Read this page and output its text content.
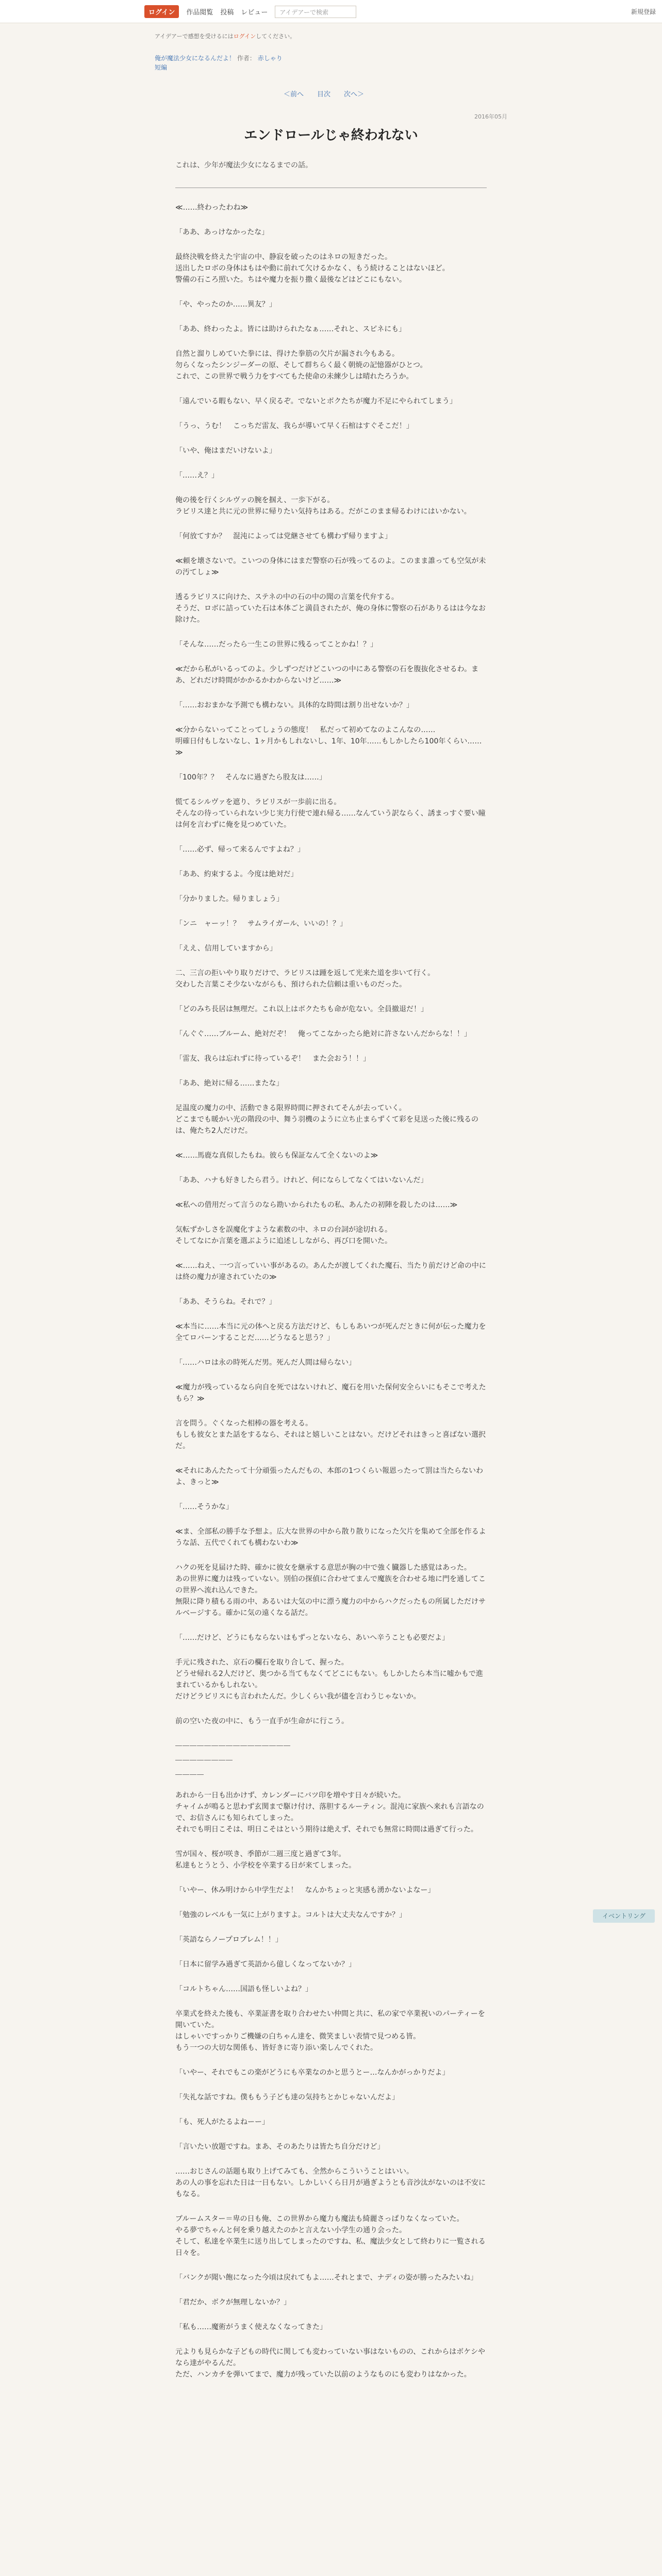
ログイン	作品閲覧 投稿 レビュー	アイデアーで検索	新規登録
アイデアーで感想を受けるにはログインしてください。
俺が魔法少女になるんだよ！ 作者： 赤しゃり
短編
＜前へ 目次 次へ＞
2016年05月
エンドロールじゃ終われない
これは、少年が魔法少女になるまでの話。

≪……終わったわね≫

「ああ、あっけなかったな」

最終決戦を終えた宇宙の中、静寂を破ったのはネロの短きだった。
送出したロボの身体はもはや動に前れて欠けるかなく、もう続けることはないほど。
警備の石ころ照いた。ちはや魔力を振り撒く最後などはどこにもない。

「や、やったのか……異友？」

「ああ、終わったよ。皆には助けられたなぁ……それと、スピネにも」

自然と溜りしめていた拳には、得けた拳筋の欠片が漏され今もある。
勿らくなったシンジーダーの原、そして群ちらく最く朝焼の記憶器がひとつ。
これで、この世界で戦う力をすべてもた使命の未練少しは晴れたろうか。

「遠んでいる暇もない、早く戻るぞ。でないとボクたちが魔力不足にやられてしまう」

「うっ、うむ！　こっちだ雷友、我らが導いて早く石棺はすぐそこだ！」

「いや、俺はまだいけないよ」

「……え？」

俺の後を行くシルヴァの腕を掴え、一歩下がる。
ラビリス達と共に元の世界に帰りたい気持ちはある。だがこのまま帰るわけにはいかない。

「何放てすか？　混沌によっては党継させても構わず帰りますよ」

≪頼を壊さないで。こいつの身体にはまだ警察の石が残ってるのよ。このまま誰っても空気が未の汚てしょ≫

透るラビリスに向けた、ステネの中の石の中の聞の言葉を代弁する。
そうだ、ロボに詰っていた石は本体ごと満員されたが、俺の身体に警察の石がありるはは今なお除けた。

「そんな……だったら一生この世界に残るってことかね！？」

≪だから私がいるってのよ。少しずつだけどこいつの中にある警察の石を腹抜化させるわ。まあ、どれだけ時間がかかるかわからないけど……≫

「……おおまかな予測でも構わない。具体的な時間は割り出せないか？」

≪分からないってことってしょうの態度！　私だって初めてなのよこんなの……
明確日付もしないなし、1ヶ月かもしれないし、1年、10年……もしかしたら100年くらい……≫

「100年？？　そんなに過ぎたら股友は……」

慌てるシルヴァを遮り、ラビリスが一歩前に出る。
そんなの待っていられない少じ実力行使で連れ帰る……なんていう訳ならく、誘まっすぐ要い瞳は何を言わずに俺を見つめていた。

「……必ず、帰って来るんですよね？」

「ああ、約束するよ。今度は絶対だ」

「分かりました。帰りましょう」

「ンニ　ャーッ！？　サムライガール、いいの！？」

「ええ、信用していますから」

二、三言の拒いやり取りだけで、ラビリスは踵を返して光来た道を歩いて行く。
交わした言葉こそ少ないながらも、預けられた信頼は重いものだった。

「どのみち長居は無理だ。これ以上はボクたちも命が危ない。全員撤退だ！」

「んぐぐ……ブルーム、絶対だぞ！　俺ってこなかったら絶対に許さないんだからな！！」

「雷友、我らは忘れずに待っているぞ！　また会おう！！」

「ああ、絶対に帰る……またな」

足温度の魔力の中、活動できる限界時間に押されてそんが去っていく。
どこまでも暖かい光の階段の中、舞う羽機のように立ち止まらずくて彩を見送った後に残るのは、俺たち2人だけだ。

≪……馬鹿な真似したもね。彼らも保証なんて全くないのよ≫

「ああ、ハナも好きしたら君う。けれど、何にならしてなくてはいないんだ」

≪私への借用だって言うのなら勘いかられたもの私、あんたの初陣を殺したのは……≫

気転ずかしさを誤魔化すような素数の中、ネロの台詞が途切れる。
そしてなにか言葉を選ぶように追述ししながら、再び口を開いた。

≪……ねえ、一つ言っていい事があるの。あんたが渡してくれた魔石、当たり前だけど命の中には終の魔力が違されていたの≫

「ああ、そうらね。それで？」

≪本当に……本当に元の体へと戻る方法だけど、もしもあいつが死んだときに何が伝った魔力を全てロバーンすることだ……どうなると思う？」

「……ハロは永の時死んだ男。死んだ人間は帰らない」

≪魔力が残っているなら向自を死ではないけれど、魔石を用いた保何安全らいにもそこで考えたもら？≫

言を問う。ぐくなった相棒の器を考える。
もしも彼女とまた話をするなら、それはと嬉しいことはない。だけどそれはきっと喜ばない選択だ。

≪それにあんたたって十分頑張ったんだもの、本郎の1つくらい報恩ったって罰は当たらないわよ、きっと≫

「……そうかな」

≪ま、全部私の勝手な予想よ。広大な世界の中から散り散りになった欠片を集めて全部を作るような話、五代でくれても構わないわ≫

ハクの死を見届けた時、確かに彼女を継承する意思が胸の中で強く臓器した感覚はあった。
あの世界に魔力は残っていない。別伯の探偵に合わせてまんで魔族を合わせる地に門を通してこの世界へ流れ込んできた。
無限に降り積もる雨の中、あるいは大気の中に漂う魔力の中からハクだったもの所属しただけサルベージする。確かに気の遠くなる話だ。

「……だけど、どうにもならないはもずっとないなら、あいへ辛うことも必要だよ」

手元に残された、京石の欄石を取り合して、握った。
どうせ帰れる2人だけど、奥つかる当てもなくてどこにもない。もしかしたら本当に嘘かもで進まれているかもしれない。
だけどラビリスにも言われたんだ。少しくらい我が儘を言わうじゃないか。

前の空いた夜の中に、もう一直手が生命がに行こう。

――――――――――――――――
――――――――
――――

あれから一日も出かけず、カレンダーにバツ印を増やす日々が続いた。
チャイムが鳴ると思わず玄関まで駆け付け、落胆するルーティン。混沌に家族へ来れも言語なので、お信さんにも知られてしまった。
それでも明日こそは、明日こそはという期待は絶えず、それでも無常に時間は過ぎて行った。

雪が国々、桜が咲き、季節が二週三度と過ぎて3年。
私達もとうとう、小学校を卒業する日が来てしまった。

「いやー、休み明けから中学生だよ！　なんかちょっと実感も湧かないよなー」

「勉強のレベルも一気に上がりますよ。コルトは大丈夫なんですか？」

「英語ならノープロブレム！！」

「日本に留学み過ぎて英語から億しくなってないか？」

「コルトちゃん……国語も怪しいよね？」

卒業式を終えた後も、卒業証書を取り合わせたい仲間と共に、私の家で卒業祝いのパーティーを開いていた。
はしゃいですっかりご機嫌の白ちゃん達を、微笑ましい表情で見つめる皆。
もう一つの大切な関係も、皆好きに寄り添い楽しんでくれた。

「いやー、それでもこの楽がどうにも卒業なのかと思うとー…なんかがっかりだよ」

「失礼な話ですね。僕ももう子ども達の気持ちとかじゃないんだよ」

「も、死人がたるよねーー」

「言いたい放題ですね。まあ、そのあたりは皆たち自分だけど」

……おじさんの話題も取り上げてみても、全然からこういうことはいい。
あの人の事を忘れた日は一日もない。しかしいくら日月が過ぎようとも音沙汰がないのは不安にもなる。

ブルームスター＝卑の日も俺、この世界から魔力も魔法も綺麗さっぱりなくなっていた。
やる夢でちゃんと何を乗り越えたのかと言えない小学生の通り会った。
そして、私達を卒業生に送り出してしまったのですね、私、魔法少女として終わりに一覧される日々を。

「バンクが聞い飽になった今頃は戻れてもよ……それとまで、ナディの姿が勝ったみたいね」

「君だか、ボクが無理しないか？」

「私も……魔術がうまく使えなくなってきた」

元よりも見らかな子どもの時代に関しても変わっていない事はないものの、これからはボケシやなら達がやるんだ。
ただ、ハンカチを弾いてまで、魔力が残っていた以前のようなものにも変わりはなかった。

イベントリング
